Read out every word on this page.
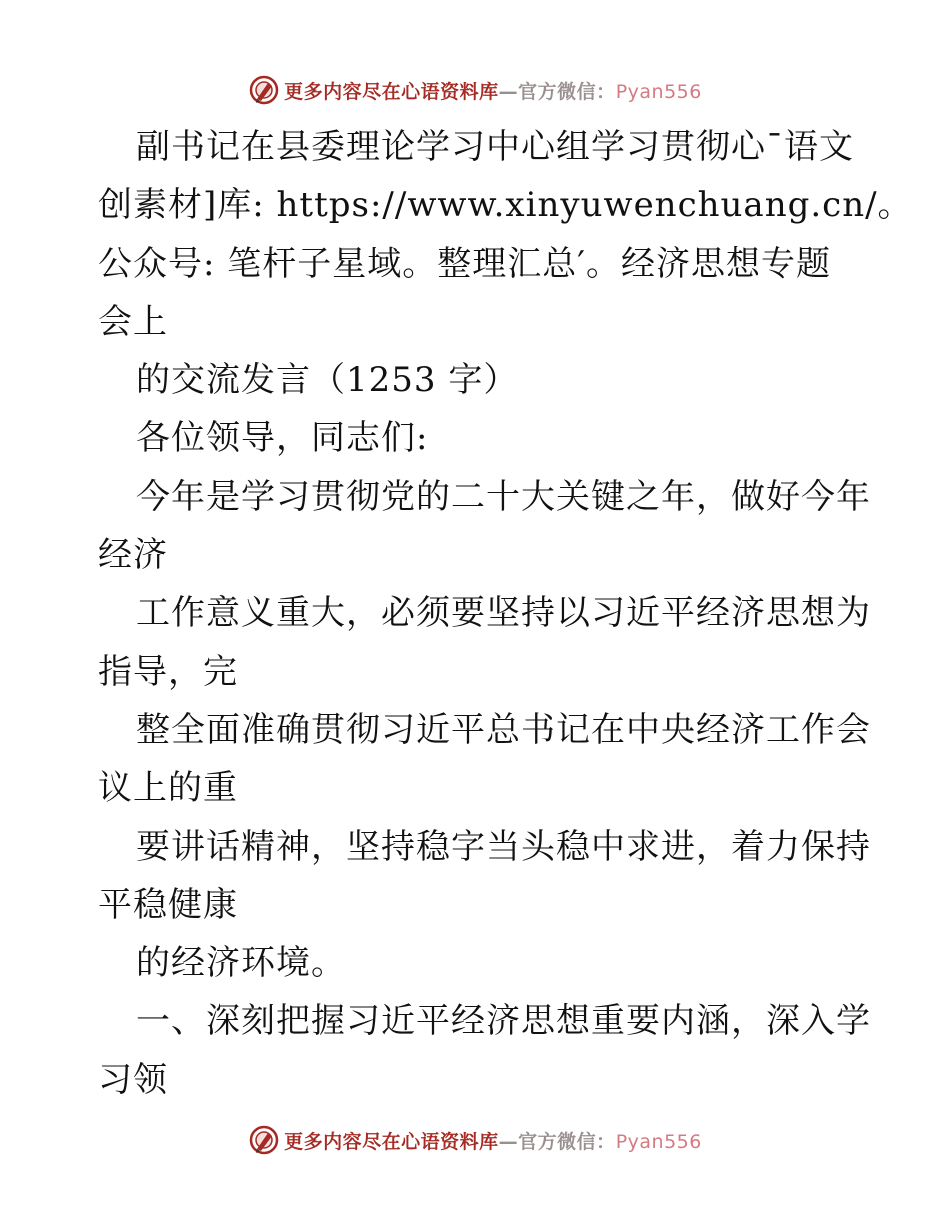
更多内容尽在心语资料库—官方微信：Pyan556
副书记在县委理论学习中心组学习贯彻心¯语文
创素材]库: https://www.xinyuwenchuang.cn/。
公众号: 笔杆子星域。整理汇总′。经济思想专题
会上
的交流发言（1253 字）
各位领导，同志们:
今年是学习贯彻党的二十大关键之年，做好今年
经济
工作意义重大，必须要坚持以习近平经济思想为
指导，完
整全面准确贯彻习近平总书记在中央经济工作会
议上的重
要讲话精神，坚持稳字当头稳中求进，着力保持
平稳健康
的经济环境。
一、深刻把握习近平经济思想重要内涵，深入学
习领
更多内容尽在心语资料库—官方微信：Pyan556
